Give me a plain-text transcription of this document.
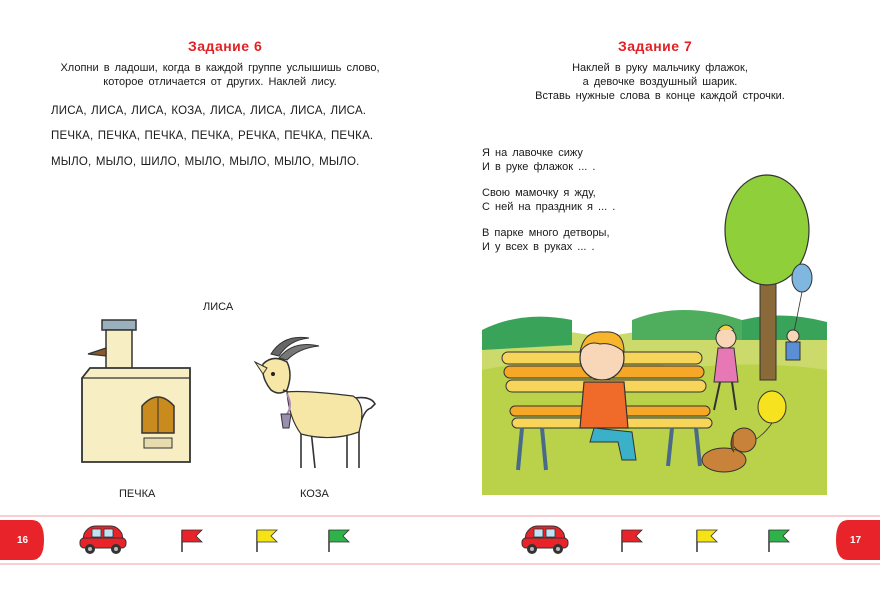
Задание 6
Хлопни в ладоши, когда в каждой группе услышишь слово,
которое отличается от других. Наклей лису.
ЛИСА, ЛИСА, ЛИСА, КОЗА, ЛИСА, ЛИСА, ЛИСА, ЛИСА.
ПЕЧКА, ПЕЧКА, ПЕЧКА, ПЕЧКА, РЕЧКА, ПЕЧКА, ПЕЧКА.
МЫЛО, МЫЛО, ШИЛО, МЫЛО, МЫЛО, МЫЛО, МЫЛО.
ЛИСА
ПЕЧКА	КОЗА
Задание 7
Наклей в руку мальчику флажок,
а девочке воздушный шарик.
Вставь нужные слова в конце каждой строчки.
Я на лавочке сижу
И в руке флажок ... .
Свою мамочку я жду,
С ней на праздник я ... .
В парке много детворы,
И у всех в руках ... .
16	17
